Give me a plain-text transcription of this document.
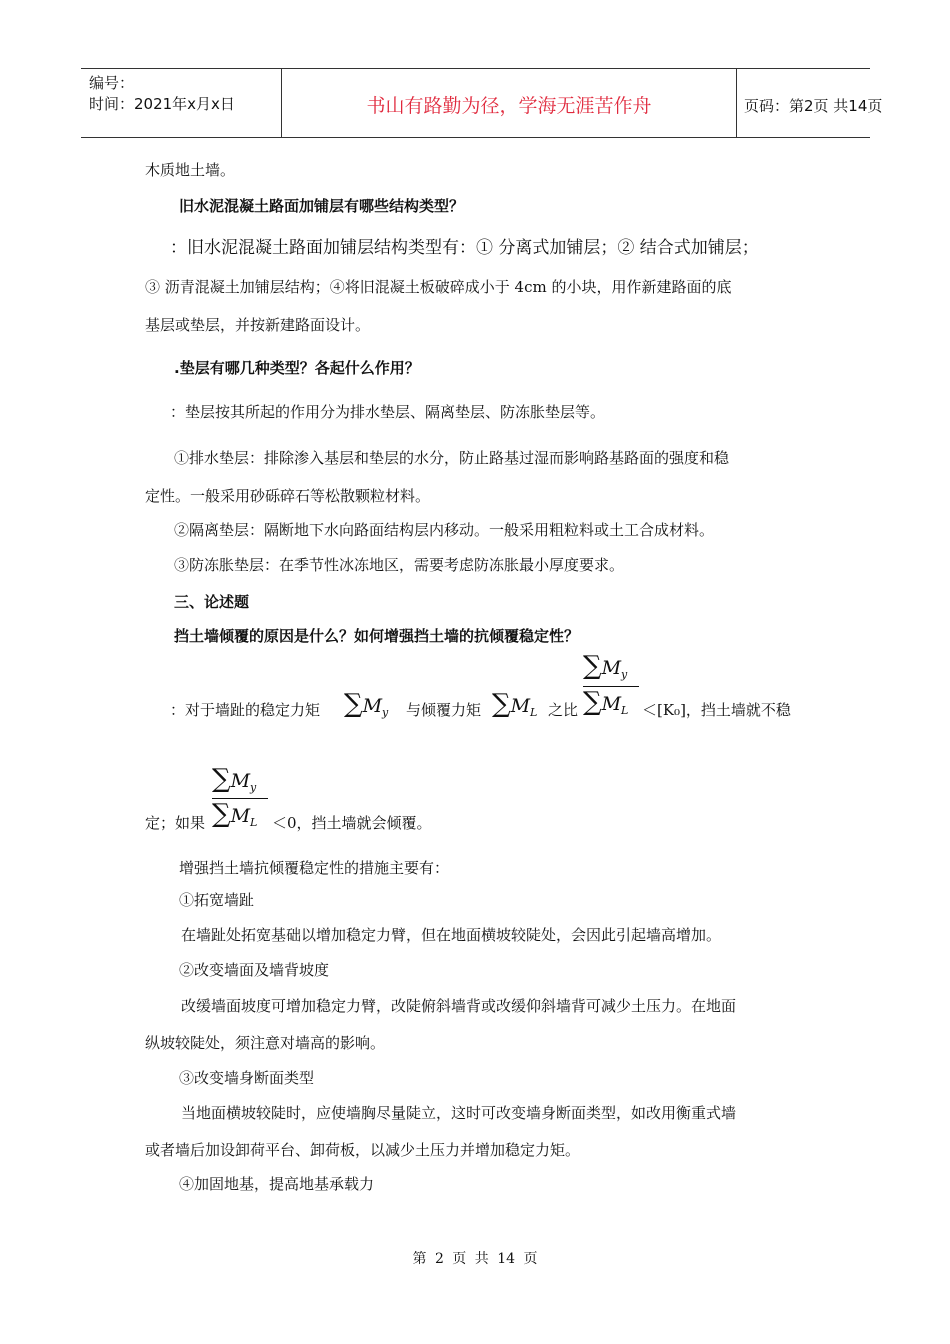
编号：
时间：2021年x月x日	书山有路勤为径，学海无涯苦作舟	页码：第2页 共14页
木质地土墙。
旧水泥混凝土路面加铺层有哪些结构类型？
：旧水泥混凝土路面加铺层结构类型有：① 分离式加铺层；② 结合式加铺层；
③ 沥青混凝土加铺层结构；④将旧混凝土板破碎成小于 4cm 的小块，用作新建路面的底
基层或垫层，并按新建路面设计。
.垫层有哪几种类型？各起什么作用？
：垫层按其所起的作用分为排水垫层、隔离垫层、防冻胀垫层等。
①排水垫层：排除渗入基层和垫层的水分，防止路基过湿而影响路基路面的强度和稳
定性。一般采用砂砾碎石等松散颗粒材料。
②隔离垫层：隔断地下水向路面结构层内移动。一般采用粗粒料或土工合成材料。
③防冻胀垫层：在季节性冰冻地区，需要考虑防冻胀最小厚度要求。
三、论述题
挡土墙倾覆的原因是什么？如何增强挡土墙的抗倾覆稳定性？
：对于墙趾的稳定力矩 $\sum M_y$ 与倾覆力矩 $\sum M_L$ 之比
$\sum M_y$
$\sum M_L <[K_0]$，挡土墙就不稳
定；如果
$\sum M_y$
$\sum M_L <0$，挡土墙就会倾覆。
增强挡土墙抗倾覆稳定性的措施主要有：
①拓宽墙趾
在墙趾处拓宽基础以增加稳定力臂，但在地面横坡较陡处，会因此引起墙高增加。
②改变墙面及墙背坡度
改缓墙面坡度可增加稳定力臂，改陡俯斜墙背或改缓仰斜墙背可减少土压力。在地面
纵坡较陡处，须注意对墙高的影响。
③改变墙身断面类型
当地面横坡较陡时，应使墙胸尽量陡立，这时可改变墙身断面类型，如改用衡重式墙
或者墙后加设卸荷平台、卸荷板，以减少土压力并增加稳定力矩。
④加固地基，提高地基承载力
第 2 页 共 14 页
